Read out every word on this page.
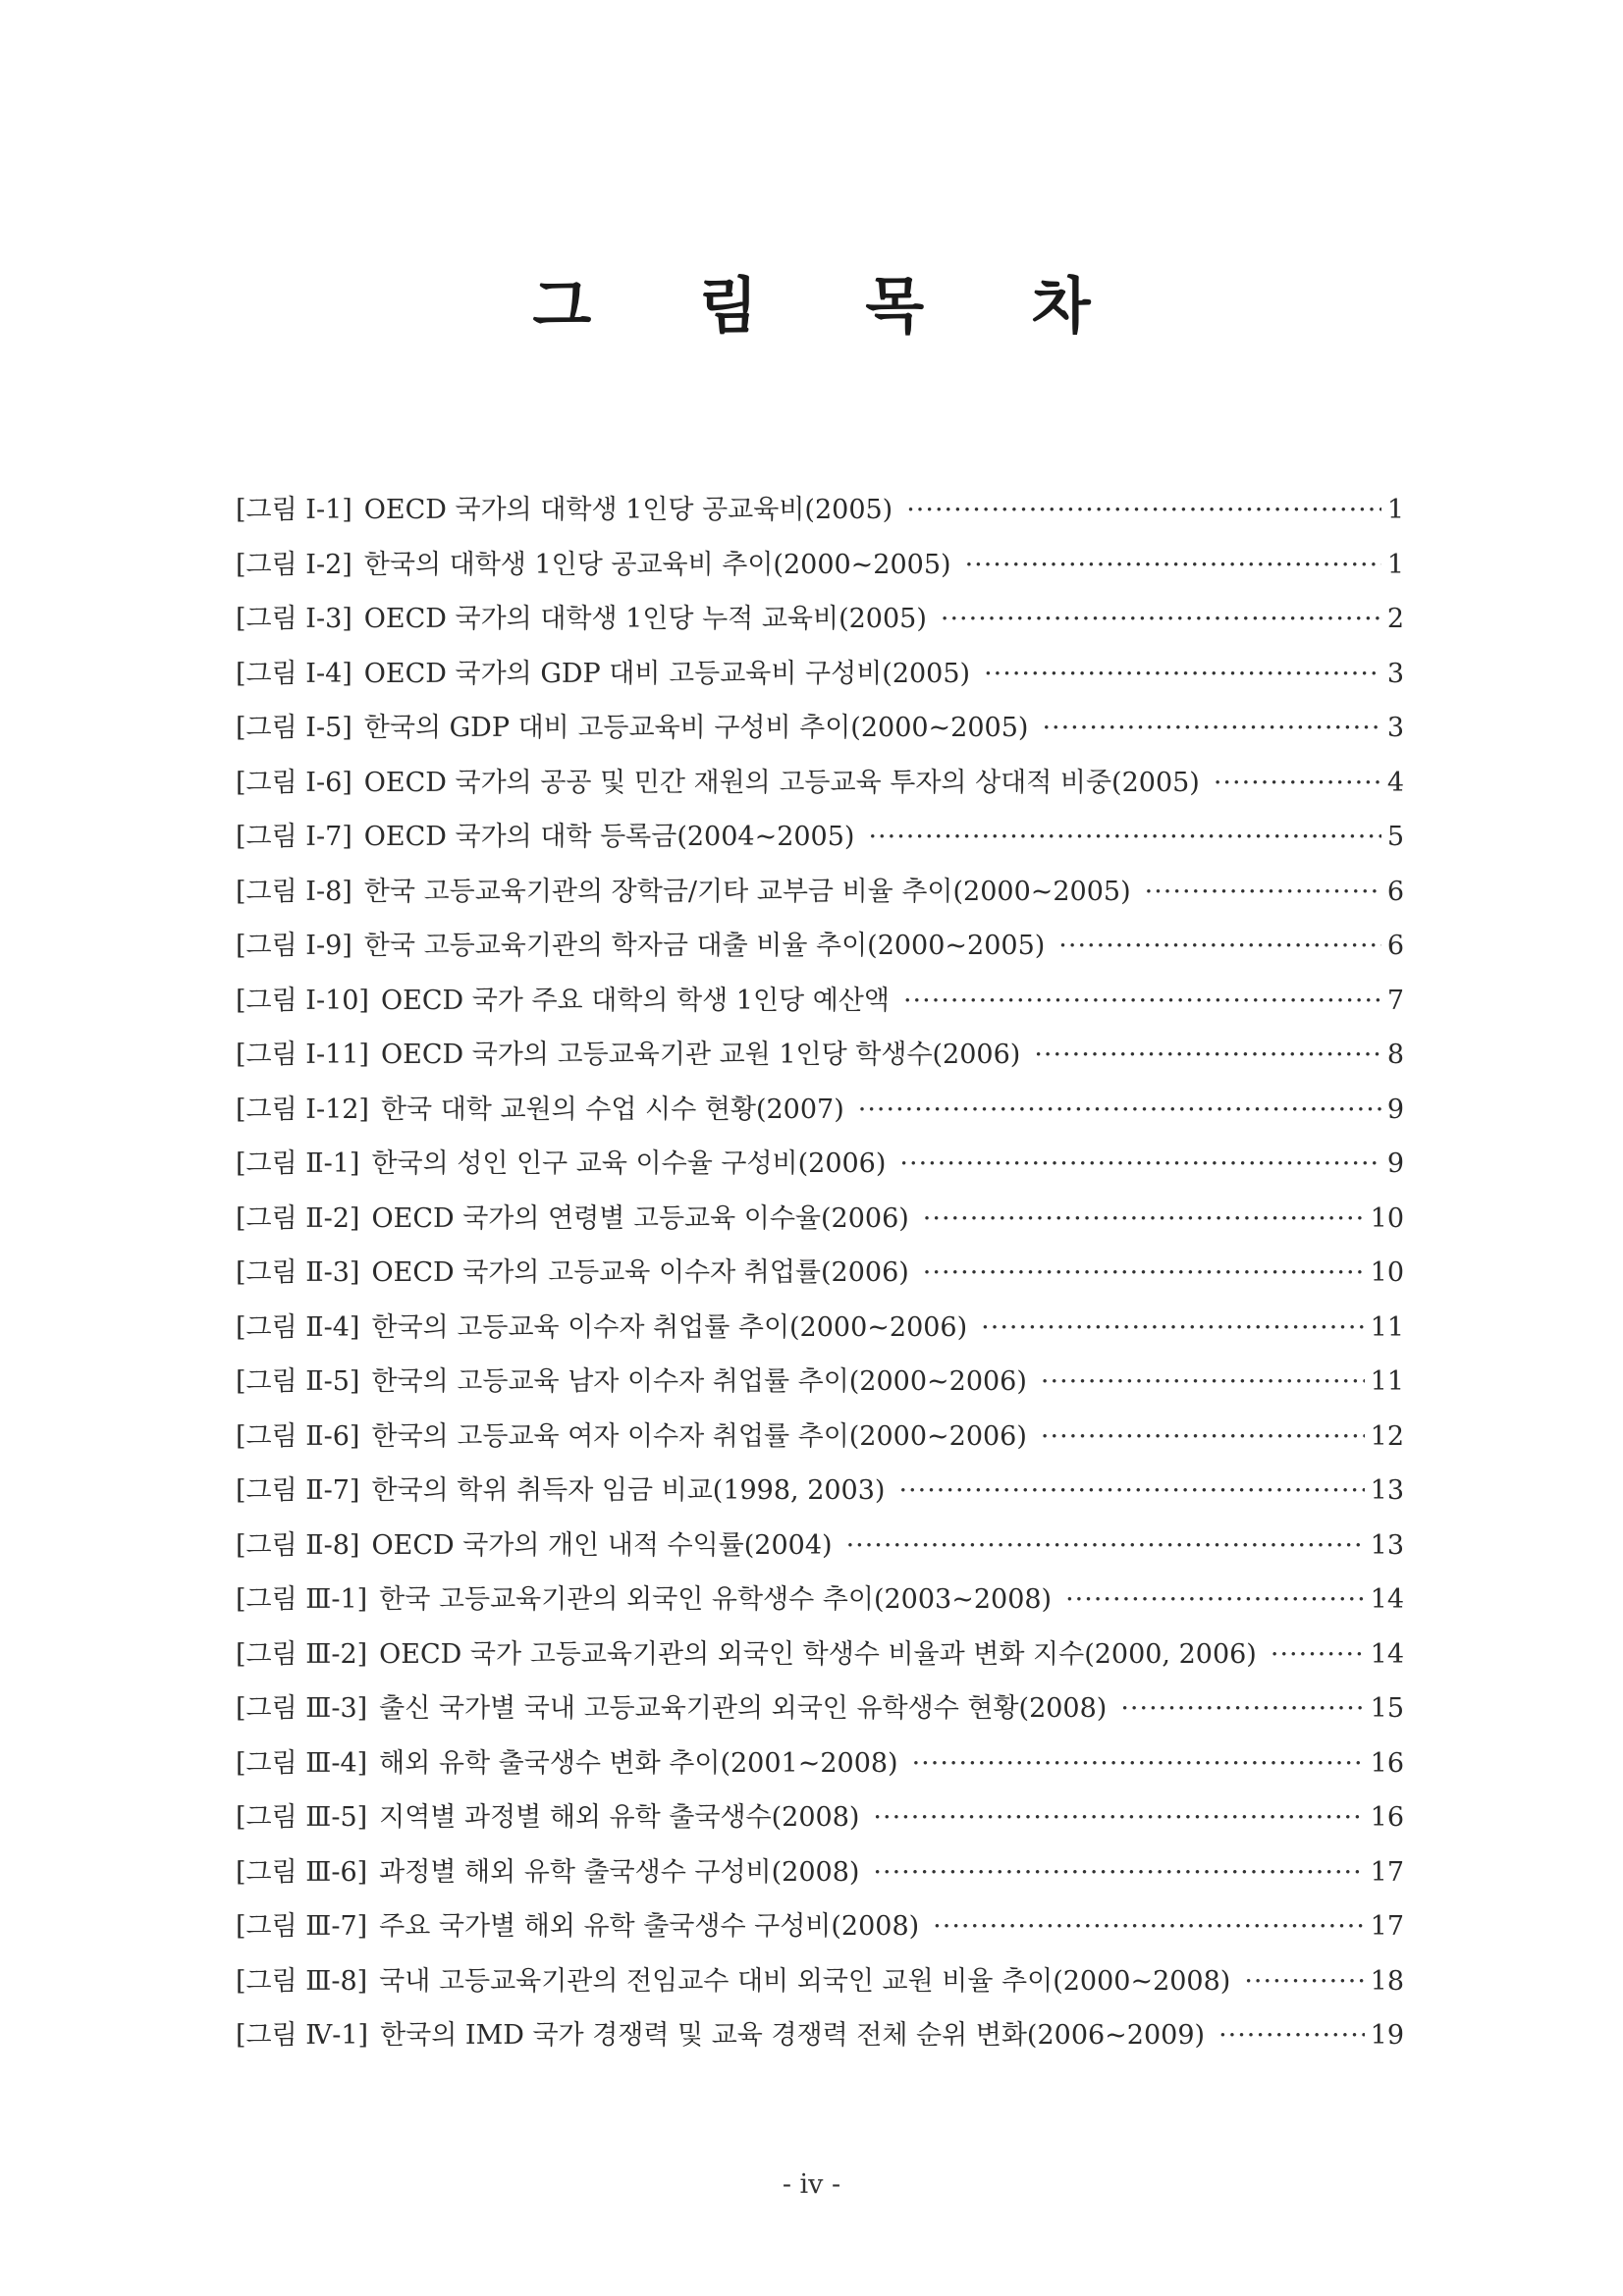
그 림 목 차
[그림 Ⅰ-1] OECD 국가의 대학생 1인당 공교육비(2005) ·····	1
[그림 Ⅰ-2] 한국의 대학생 1인당 공교육비 추이(2000~2005) ·····	1
[그림 Ⅰ-3] OECD 국가의 대학생 1인당 누적 교육비(2005) ·····	2
[그림 Ⅰ-4] OECD 국가의 GDP 대비 고등교육비 구성비(2005) ·····	3
[그림 Ⅰ-5] 한국의 GDP 대비 고등교육비 구성비 추이(2000~2005) ·····	3
[그림 Ⅰ-6] OECD 국가의 공공 및 민간 재원의 고등교육 투자의 상대적 비중(2005) ·····	4
[그림 Ⅰ-7] OECD 국가의 대학 등록금(2004~2005) ·····	5
[그림 Ⅰ-8] 한국 고등교육기관의 장학금/기타 교부금 비율 추이(2000~2005) ·····	6
[그림 Ⅰ-9] 한국 고등교육기관의 학자금 대출 비율 추이(2000~2005) ·····	6
[그림 Ⅰ-10] OECD 국가 주요 대학의 학생 1인당 예산액 ·····	7
[그림 Ⅰ-11] OECD 국가의 고등교육기관 교원 1인당 학생수(2006) ·····	8
[그림 Ⅰ-12] 한국 대학 교원의 수업 시수 현황(2007) ·····	9
[그림 Ⅱ-1] 한국의 성인 인구 교육 이수율 구성비(2006) ·····	9
[그림 Ⅱ-2] OECD 국가의 연령별 고등교육 이수율(2006) ·····	10
[그림 Ⅱ-3] OECD 국가의 고등교육 이수자 취업률(2006) ·····	10
[그림 Ⅱ-4] 한국의 고등교육 이수자 취업률 추이(2000~2006) ·····	11
[그림 Ⅱ-5] 한국의 고등교육 남자 이수자 취업률 추이(2000~2006) ·····	11
[그림 Ⅱ-6] 한국의 고등교육 여자 이수자 취업률 추이(2000~2006) ·····	12
[그림 Ⅱ-7] 한국의 학위 취득자 임금 비교(1998, 2003) ·····	13
[그림 Ⅱ-8] OECD 국가의 개인 내적 수익률(2004) ·····	13
[그림 Ⅲ-1] 한국 고등교육기관의 외국인 유학생수 추이(2003~2008) ·····	14
[그림 Ⅲ-2] OECD 국가 고등교육기관의 외국인 학생수 비율과 변화 지수(2000, 2006) ·····	14
[그림 Ⅲ-3] 출신 국가별 국내 고등교육기관의 외국인 유학생수 현황(2008) ·····	15
[그림 Ⅲ-4] 해외 유학 출국생수 변화 추이(2001~2008) ·····	16
[그림 Ⅲ-5] 지역별 과정별 해외 유학 출국생수(2008) ·····	16
[그림 Ⅲ-6] 과정별 해외 유학 출국생수 구성비(2008) ·····	17
[그림 Ⅲ-7] 주요 국가별 해외 유학 출국생수 구성비(2008) ·····	17
[그림 Ⅲ-8] 국내 고등교육기관의 전임교수 대비 외국인 교원 비율 추이(2000~2008) ·····	18
[그림 Ⅳ-1] 한국의 IMD 국가 경쟁력 및 교육 경쟁력 전체 순위 변화(2006~2009) ·····	19
- iv -
